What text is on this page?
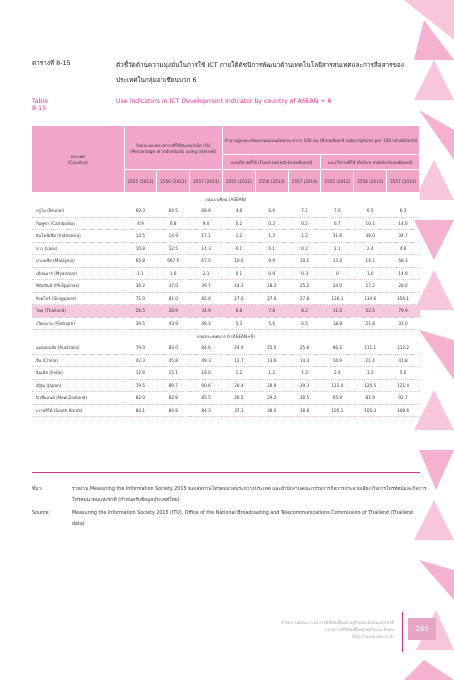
ตารางที่ 8-15	ตัวชี้วัดด้านความมุ่งมั่นในการใช้ ICT ภายใต้ดัชนีการพัฒนาด้านเทคโนโลยีสารสนเทศและการสื่อสารของประเทศในกลุ่มอาเซียนบวก 6
Table 8-15
Use indicators in ICT Development Indicator by country of ASEAN + 6
ประเทศ
(Country)	ร้อยละของประชากรที่ใช้อินเทอร์เน็ต (%) (Percentage of individuals using internet)			จำนวนผู้ลงทะเบียนบรอดแบนด์ต่อประชากร 100 คน (Broadband subscriptions per 100 inhabitants)					
				แบบมีสายที่ใช้ (Fixed (wired)-broadband)			แบบไร้สายที่ใช้ (Active mobile-broadband)		
	2555 (2012)	2556 (2013)	2557 (2014)	2555 (2012)	2556 (2013)	2557 (2014)	2555 (2012)	2556 (2013)	2557 (2014)
กลุ่มอาเซียน (ASEAN)									
บรูไน (Brunei)	60.3	64.5	68.8	4.8	6.6	7.1	7.6	6.5	6.3
กัมพูชา (Cambodia)	4.9	6.8	9.0	0.2	0.2	0.2	6.7	10.1	14.0
อินโดนีเซีย (Indonesia)	14.5	14.9	17.1	1.2	1.3	1.2	31.6	36.0	34.7
ลาว (Laos)	10.8	12.5	14.3	0.1	0.1	0.2	2.1	2.4	4.6
มาเลเซีย (Malaysia)	65.8	667.0	67.5	10.0	9.9	10.1	13.4	14.1	58.3
เมียนมาร์ (Myanmar)	1.1	1.6	2.1	0.1	0.9	0.3	0	1.0	14.9
ฟิลิปปินส์ (Philippines)	36.2	37.0	39.7	14.1	18.2	25.2	24.0	27.2	28.0
สิงคโปร์ (Singapore)	72.0	81.0	82.0	27.0	27.6	27.8	126.1	134.6	156.1
ไทย (Thailand)	26.5	28.9	34.9	6.8	7.8	8.2	11.0	52.5	79.9
เวียดนาม (Vietnam)	39.5	43.9	48.3	5.3	5.6	6.5	18.8	21.8	31.0
กลุ่มประเทศบวก 6 (ASEAN+6)									
ออสเตรเลีย (Australia)	79.0	83.0	84.6	24.9	25.0	25.8	96.2	111.1	112.2
จีน (China)	42.3	45.8	49.3	12.7	13.6	14.4	16.9	21.4	41.8
อินเดีย (India)	12.6	15.1	18.0	1.2	1.2	1.2	2.4	3.2	5.5
ญี่ปุ่น (Japan)	79.5	89.7	90.6	28.4	28.9	29.3	112.4	120.5	121.4
นิวซีแลนด์ (New Zealand)	82.0	82.8	85.5	28.5	29.2	30.5	65.9	81.9	92.7
เกาหลีใต้ (South Korea)	84.1	84.8	84.3	37.3	38.0	38.8	105.1	105.3	108.6
ที่มา:	รายงาน Measuring the Information Society 2015 ของสหภาพโทรคมนาคมระหว่างประเทศ และสำนักงานคณะกรรมการกิจการกระจายเสียง กิจการโทรทัศน์และกิจการโทรคมนาคมแห่งชาติ (กำหนดรับข้อมูลประเทศไทย)
Source:	Measuring the Information Society 2015 (ITU), Office of the National Broadcasting and Telecommunications Commission of Thailand (Thailand data)
สำนักงานคณะกรรมการดิจิทัลเพื่อเศรษฐกิจและสังคมแห่งชาติ
กระทรวงดิจิทัลเพื่อเศรษฐกิจและสังคม
http://www.ดศ.co.th
269
